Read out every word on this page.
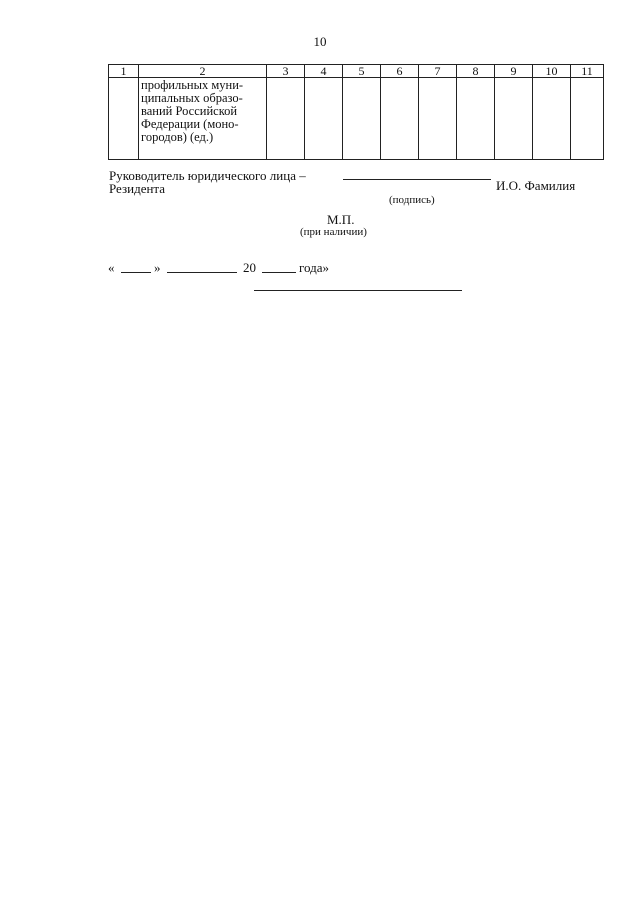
10
1	2	3	4	5	6	7	8	9	10	11

	профильных муни-
ципальных образо-
ваний Российской
Федерации (моно-
городов) (ед.)									

Руководитель юридического лица –
Резидента	И.О. Фамилия
(подпись)
М.П.
(при наличии)
«	»	20	года»
